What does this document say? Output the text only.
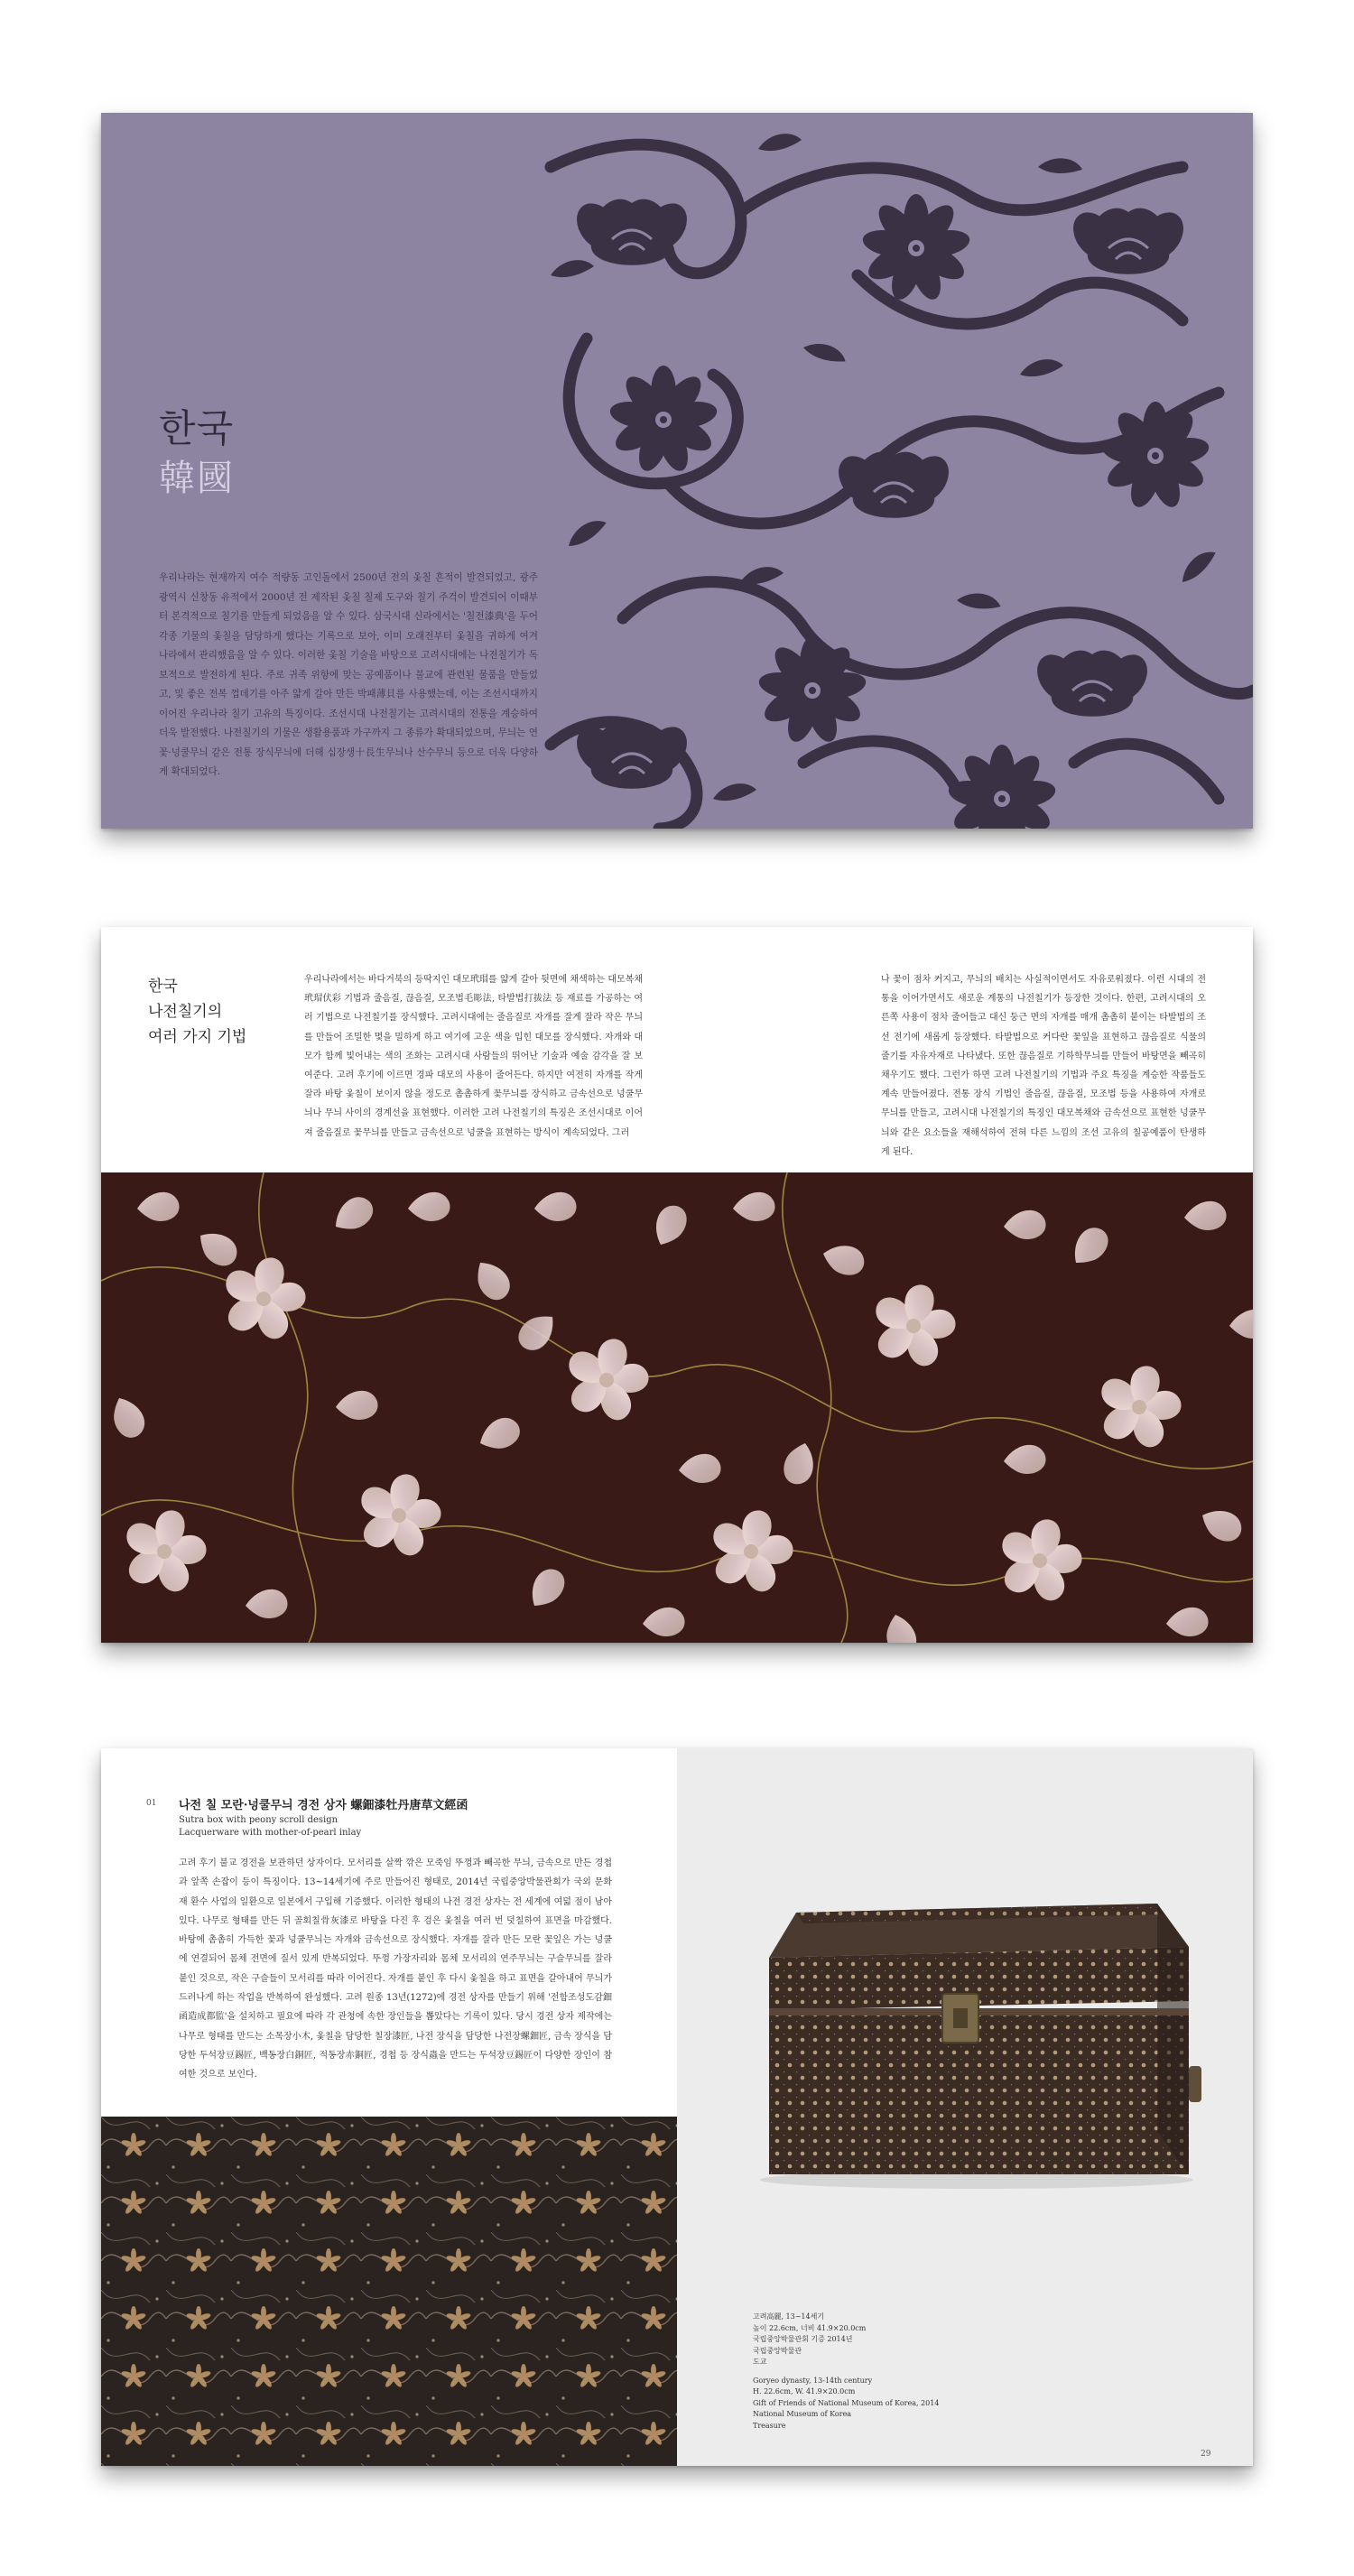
한국
韓國
우리나라는 현재까지 여수 적량동 고인돌에서 2500년 전의 옻칠 흔적이 발견되었고, 광주광역시 신창동 유적에서 2000년 전 제작된 옻칠 칠제 도구와 칠기 주걱이 발견되어 이때부터 본격적으로 칠기를 만들게 되었음을 알 수 있다. 삼국시대 신라에서는 '칠전漆典'을 두어 각종 기물의 옻칠을 담당하게 했다는 기록으로 보아, 이미 오래전부터 옻칠을 귀하게 여겨 나라에서 관리했음을 알 수 있다. 이러한 옻칠 기술을 바탕으로 고려시대에는 나전칠기가 독보적으로 발전하게 된다. 주로 귀족 위항에 맞는 공예품이나 불교에 관련된 물품을 만들었고, 및 좋은 전복 껍데기를 아주 얇게 갈아 만든 박패薄貝를 사용했는데, 이는 조선시대까지 이어진 우리나라 칠기 고유의 특징이다. 조선시대 나전칠기는 고려시대의 전통을 계승하여 더욱 발전했다. 나전칠기의 기물은 생활용품과 가구까지 그 종류가 확대되었으며, 무늬는 연꽃·넝쿨무늬 같은 전통 장식무늬에 더해 십장생十長生무늬나 산수무늬 등으로 더욱 다양하게 확대되었다.
한국
나전칠기의
여러 가지 기법
우리나라에서는 바다거북의 등딱지인 대모玳瑁를 얇게 갈아 뒷면에 채색하는 대모복채玳瑁伏彩 기법과 줄음질, 끊음질, 모조법毛彫法, 타발법打拔法 등 재료를 가공하는 여러 기법으로 나전칠기를 장식했다. 고려시대에는 줄음질로 자개를 잘게 잘라 작은 무늬를 만들어 조밀한 몇을 밀하게 하고 여기에 고운 색을 입힌 대모를 장식했다. 자개와 대모가 함께 빛어내는 색의 조화는 고려시대 사람들의 뛰어난 기술과 예술 감각을 잘 보여준다. 고려 후기에 이르면 경파 대모의 사용이 줄어든다. 하지만 여전히 자개를 작게 잘라 바탕 옻칠이 보이지 않을 정도로 촘촘하게 꽃무늬를 장식하고 금속선으로 넝쿨무늬나 무늬 사이의 경계선을 표현했다. 이러한 고려 나전칠기의 특징은 조선시대로 이어져 줄음질로 꽃무늬를 만들고 금속선으로 넝쿨을 표현하는 방식이 계속되었다. 그러
나 꽃이 점차 커지고, 무늬의 배치는 사실적이면서도 자유로워졌다. 이런 시대의 전통을 이어가면서도 새로운 계통의 나전칠기가 등장한 것이다. 한편, 고려시대의 오른쪽 사용이 점차 줄어들고 대신 둥근 면의 자개를 매개 촘촘히 붙이는 타발법의 조선 전기에 새롭게 등장했다. 타발법으로 커다란 꽃잎을 표현하고 끊음질로 식물의 줄기를 자유자재로 나타냈다. 또한 끊음질로 기하학무늬를 만들어 바탕면을 빼곡히 채우기도 했다. 그런가 하면 고려 나전칠기의 기법과 주요 특징을 계승한 작품들도 계속 만들어졌다. 전통 장식 기법인 줄음질, 끊음질, 모조법 등을 사용하여 자개로 무늬를 만들고, 고려시대 나전칠기의 특징인 대모복채와 금속선으로 표현한 넝쿨무늬와 같은 요소들을 재해석하여 전혀 다른 느낌의 조선 고유의 칠공예품이 탄생하게 된다.
01 나전 칠 모란·넝쿨무늬 경전 상자 螺鈿漆牡丹唐草文經函
Sutra box with peony scroll design
Lacquerware with mother-of-pearl inlay
고려 후기 불교 경전을 보관하던 상자이다. 모서리를 살짝 깎은 모죽임 뚜껑과 빼곡한 무늬, 금속으로 만든 경첩과 앞쪽 손잡이 등이 특징이다. 13~14세기에 주로 만들어진 형태로, 2014년 국립중앙박물관회가 국외 문화재 환수 사업의 일환으로 일본에서 구입해 기증했다. 이러한 형태의 나전 경전 상자는 전 세계에 여덟 점이 남아 있다. 나무로 형태를 만든 뒤 골회칠骨灰漆로 바탕을 다진 후 검은 옻칠을 여러 번 덧칠하여 표면을 마감했다. 바탕에 촘촘히 가득한 꽃과 넝쿨무늬는 자개와 금속선으로 장식했다. 자개를 잘라 만든 모란 꽃잎은 가는 넝쿨에 연결되어 몸체 전면에 질서 있게 반복되었다. 뚜껑 가장자리와 몸체 모서리의 연주무늬는 구슬무늬를 잘라 붙인 것으로, 작은 구슬들이 모서리를 따라 이어진다. 자개를 붙인 후 다시 옻칠을 하고 표면을 갈아내어 무늬가 드러나게 하는 작업을 반복하여 완성했다. 고려 원종 13년(1272)에 경전 상자를 만들기 위해 '전함조성도감鈿函造成都監'을 설치하고 필요에 따라 각 관청에 속한 장인들을 뽑았다는 기록이 있다. 당시 경전 상자 제작에는 나무로 형태를 만드는 소목장小木, 옻칠을 담당한 칠장漆匠, 나전 장식을 담당한 나전장螺鈿匠, 금속 장식을 담당한 두석장豆錫匠, 백동장白銅匠, 적동장赤銅匠, 경첩 등 장식蟲을 만드는 두석장豆錫匠이 다양한 장인이 참여한 것으로 보인다.
고려高麗, 13~14세기
높이 22.6cm, 너비 41.9×20.0cm
국립중앙박물관회 기증 2014년
국립중앙박물관
도교
Goryeo dynasty, 13-14th century
H. 22.6cm, W. 41.9×20.0cm
Gift of Friends of National Museum of Korea, 2014
National Museum of Korea
Treasure
29
